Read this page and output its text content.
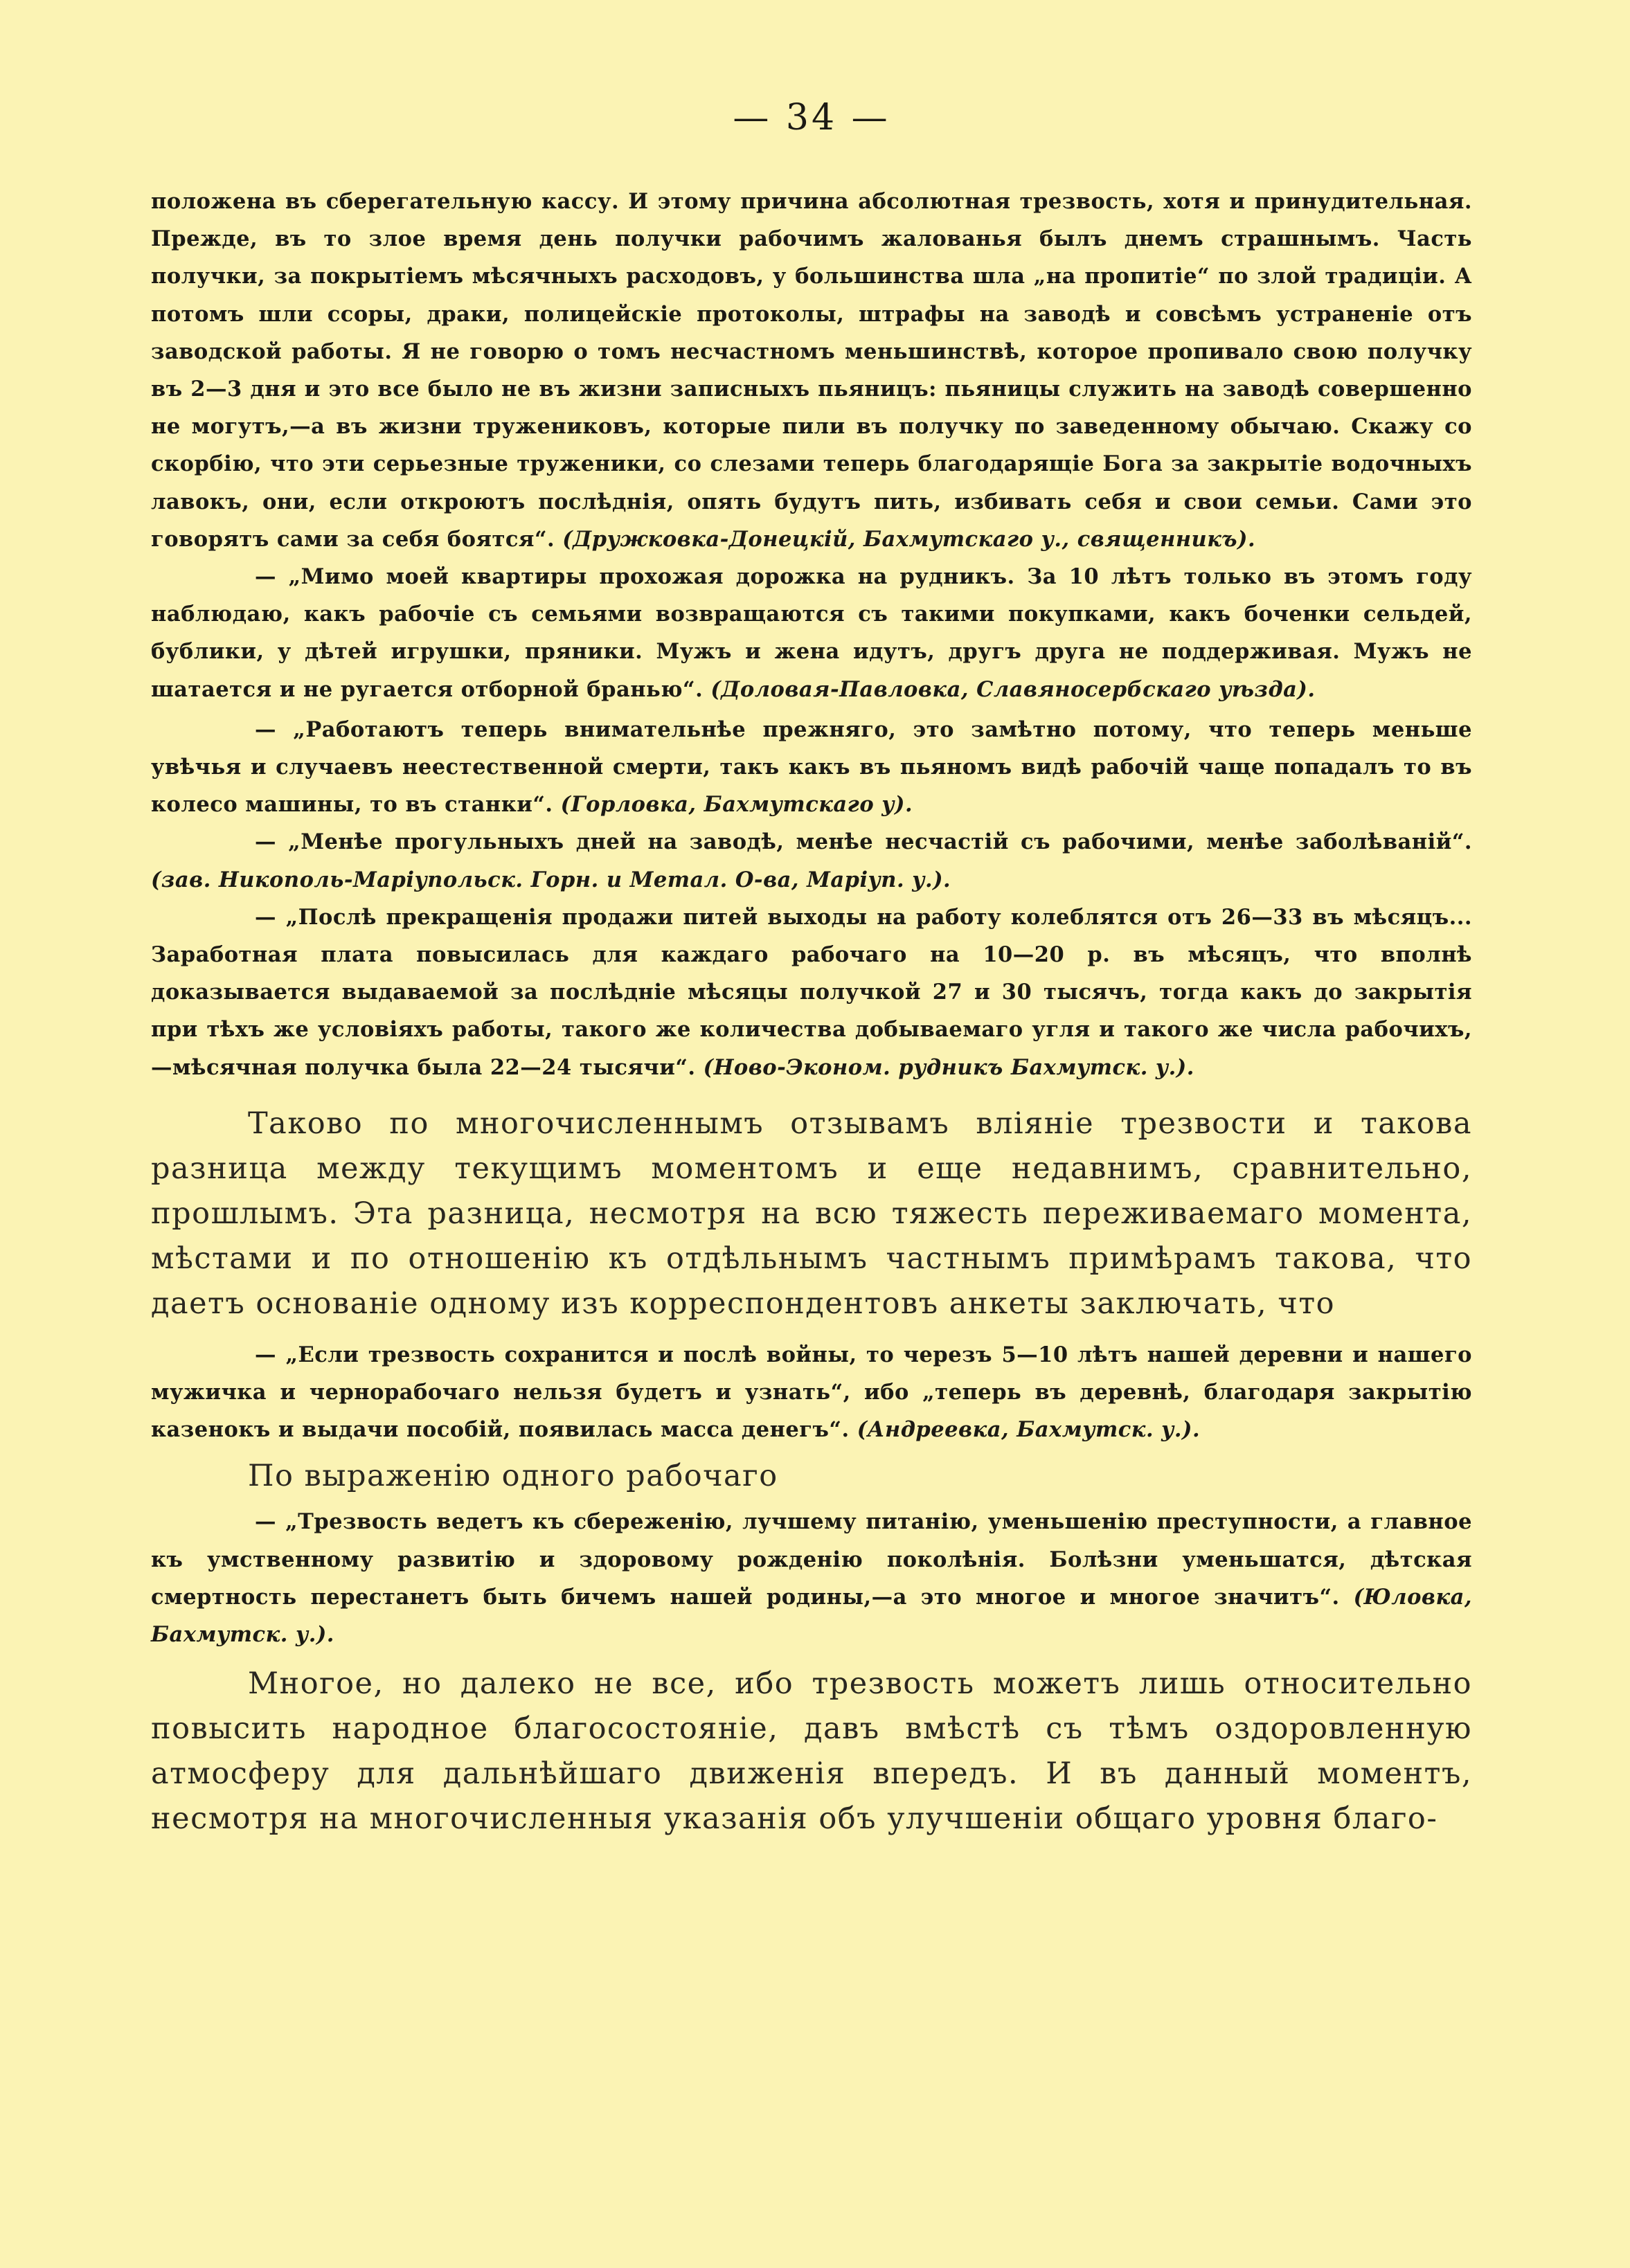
— 34 —

положена въ сберегательную кассу. И этому причина абсолютная трезвость, хотя и принудительная. Прежде, въ то злое время день получки рабочимъ жалованья былъ днемъ страшнымъ. Часть получки, за покрытіемъ мѣсячныхъ расходовъ, у большинства шла „на пропитіе“ по злой традиціи. А потомъ шли ссоры, драки, полицейскіе протоколы, штрафы на заводѣ и совсѣмъ устраненіе отъ заводской работы. Я не говорю о томъ несчастномъ меньшинствѣ, которое пропивало свою получку въ 2—3 дня и это все было не въ жизни записныхъ пьяницъ: пьяницы служить на заводѣ совершенно не могутъ,—а въ жизни тружениковъ, которые пили въ получку по заведенному обычаю. Скажу со скорбію, что эти серьезные труженики, со слезами теперь благодарящіе Бога за закрытіе водочныхъ лавокъ, они, если откроютъ послѣднія, опять будутъ пить, избивать себя и свои семьи. Сами это говорятъ сами за себя боятся“. (Дружковка-Донецкій, Бахмутскаго у., священникъ).

— „Мимо моей квартиры прохожая дорожка на рудникъ. За 10 лѣтъ только въ этомъ году наблюдаю, какъ рабочіе съ семьями возвращаются съ такими покупками, какъ боченки сельдей, бублики, у дѣтей игрушки, пряники. Мужъ и жена идутъ, другъ друга не поддерживая. Мужъ не шатается и не ругается отборной бранью“. (Доловая-Павловка, Славяносербскаго уѣзда).

— „Работаютъ теперь внимательнѣе прежняго, это замѣтно потому, что теперь меньше увѣчья и случаевъ неестественной смерти, такъ какъ въ пьяномъ видѣ рабочій чаще попадалъ то въ колесо машины, то въ станки“. (Горловка, Бахмутскаго у).

— „Менѣе прогульныхъ дней на заводѣ, менѣе несчастій съ рабочими, менѣе заболѣваній“. (зав. Никополь-Маріупольск. Горн. и Метал. О-ва, Маріуп. у.).

— „Послѣ прекращенія продажи питей выходы на работу колеблятся отъ 26—33 въ мѣсяцъ... Заработная плата повысилась для каждаго рабочаго на 10—20 р. въ мѣсяцъ, что вполнѣ доказывается выдаваемой за послѣдніе мѣсяцы получкой 27 и 30 тысячъ, тогда какъ до закрытія при тѣхъ же условіяхъ работы, такого же количества добываемаго угля и такого же числа рабочихъ,—мѣсячная получка была 22—24 тысячи“. (Ново-Эконом. рудникъ Бахмутск. у.).

Таково по многочисленнымъ отзывамъ вліяніе трезвости и такова разница между текущимъ моментомъ и еще недавнимъ, сравнительно, прошлымъ. Эта разница, несмотря на всю тяжесть переживаемаго момента, мѣстами и по отношенію къ отдѣльнымъ частнымъ примѣрамъ такова, что даетъ основаніе одному изъ корреспондентовъ анкеты заключать, что

— „Если трезвость сохранится и послѣ войны, то черезъ 5—10 лѣтъ нашей деревни и нашего мужичка и чернорабочаго нельзя будетъ и узнать“, ибо „теперь въ деревнѣ, благодаря закрытію казенокъ и выдачи пособій, появилась масса денегъ“. (Андреевка, Бахмутск. у.).

По выраженію одного рабочаго

— „Трезвость ведетъ къ сбереженію, лучшему питанію, уменьшенію преступности, а главное къ умственному развитію и здоровому рожденію поколѣнія. Болѣзни уменьшатся, дѣтская смертность перестанетъ быть бичемъ нашей родины,—а это многое и многое значитъ“. (Юловка, Бахмутск. у.).

Многое, но далеко не все, ибо трезвость можетъ лишь относительно повысить народное благосостояніе, давъ вмѣстѣ съ тѣмъ оздоровленную атмосферу для дальнѣйшаго движенія впередъ. И въ данный моментъ, несмотря на многочисленныя указанія объ улучшеніи общаго уровня благо-
